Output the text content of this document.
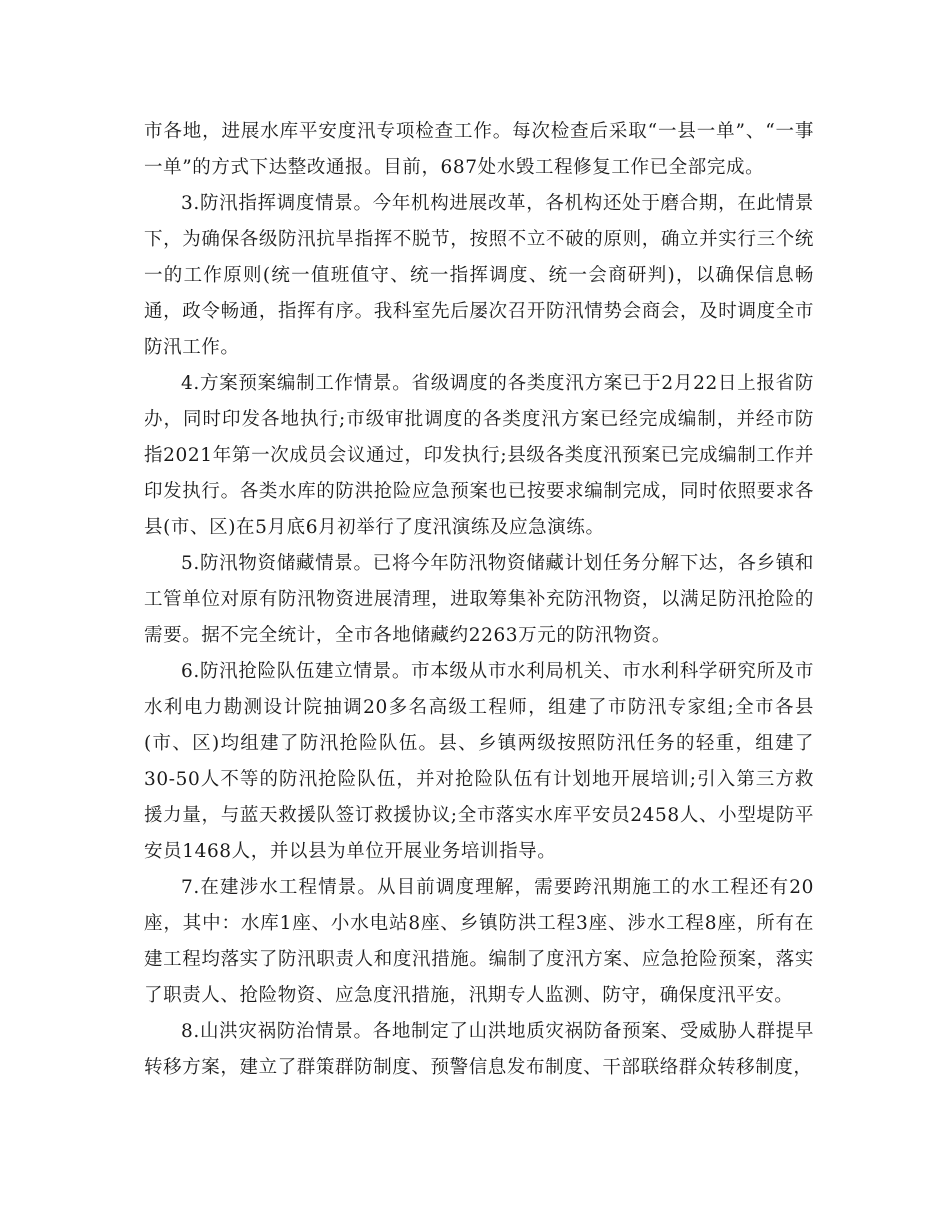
市各地，进展水库平安度汛专项检查工作。每次检查后采取“一县一单”、“一事一单”的方式下达整改通报。目前，687处水毁工程修复工作已全部完成。

3.防汛指挥调度情景。今年机构进展改革，各机构还处于磨合期，在此情景下，为确保各级防汛抗旱指挥不脱节，按照不立不破的原则，确立并实行三个统一的工作原则(统一值班值守、统一指挥调度、统一会商研判)，以确保信息畅通，政令畅通，指挥有序。我科室先后屡次召开防汛情势会商会，及时调度全市防汛工作。

4.方案预案编制工作情景。省级调度的各类度汛方案已于2月22日上报省防办，同时印发各地执行;市级审批调度的各类度汛方案已经完成编制，并经市防指2021年第一次成员会议通过，印发执行;县级各类度汛预案已完成编制工作并印发执行。各类水库的防洪抢险应急预案也已按要求编制完成，同时依照要求各县(市、区)在5月底6月初举行了度汛演练及应急演练。

5.防汛物资储藏情景。已将今年防汛物资储藏计划任务分解下达，各乡镇和工管单位对原有防汛物资进展清理，进取筹集补充防汛物资，以满足防汛抢险的需要。据不完全统计，全市各地储藏约2263万元的防汛物资。

6.防汛抢险队伍建立情景。市本级从市水利局机关、市水利科学研究所及市水利电力勘测设计院抽调20多名高级工程师，组建了市防汛专家组;全市各县(市、区)均组建了防汛抢险队伍。县、乡镇两级按照防汛任务的轻重，组建了30-50人不等的防汛抢险队伍，并对抢险队伍有计划地开展培训;引入第三方救援力量，与蓝天救援队签订救援协议;全市落实水库平安员2458人、小型堤防平安员1468人，并以县为单位开展业务培训指导。

7.在建涉水工程情景。从目前调度理解，需要跨汛期施工的水工程还有20座，其中：水库1座、小水电站8座、乡镇防洪工程3座、涉水工程8座，所有在建工程均落实了防汛职责人和度汛措施。编制了度汛方案、应急抢险预案，落实了职责人、抢险物资、应急度汛措施，汛期专人监测、防守，确保度汛平安。

8.山洪灾祸防治情景。各地制定了山洪地质灾祸防备预案、受威胁人群提早转移方案，建立了群策群防制度、预警信息发布制度、干部联络群众转移制度，
